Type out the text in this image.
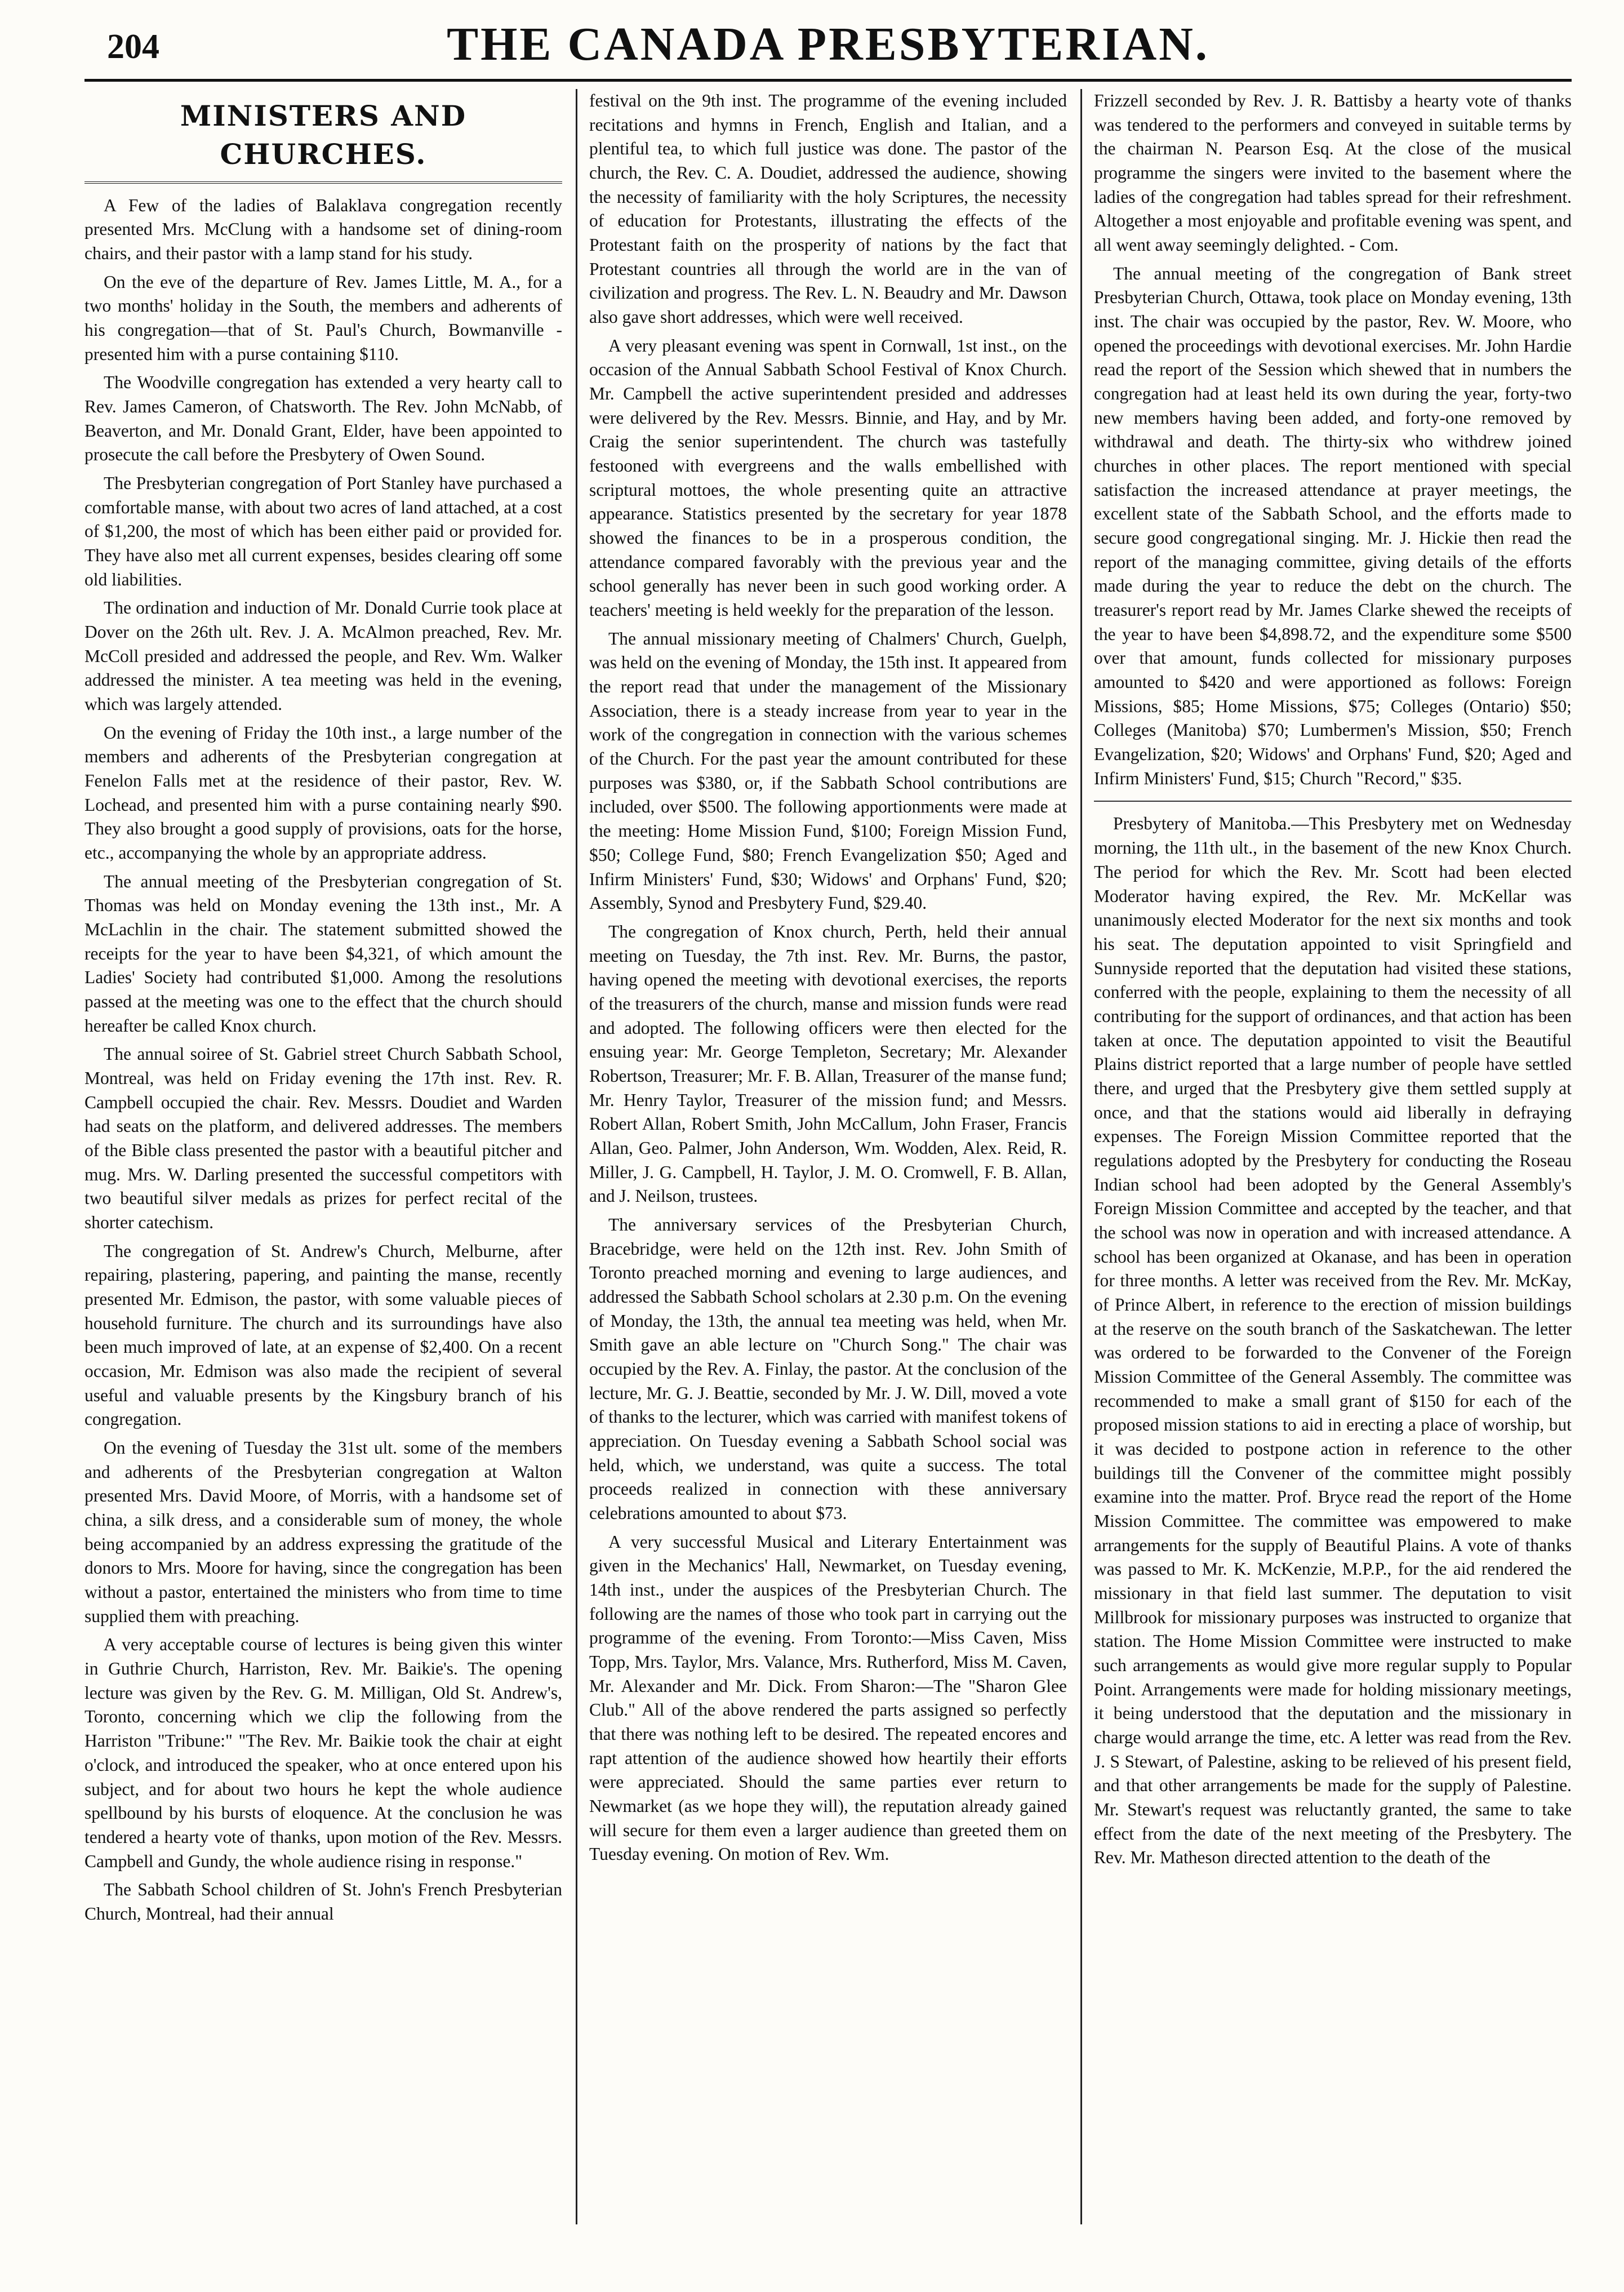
204	THE CANADA PRESBYTERIAN.
MINISTERS AND CHURCHES.

A Few of the ladies of Balaklava congregation recently presented Mrs. McClung with a handsome set of dining-room chairs, and their pastor with a lamp stand for his study.

On the eve of the departure of Rev. James Little, M. A., for a two months' holiday in the South, the members and adherents of his congregation—that of St. Paul's Church, Bowmanville - presented him with a purse containing $110.

The Woodville congregation has extended a very hearty call to Rev. James Cameron, of Chatsworth. The Rev. John McNabb, of Beaverton, and Mr. Donald Grant, Elder, have been appointed to prosecute the call before the Presbytery of Owen Sound.

The Presbyterian congregation of Port Stanley have purchased a comfortable manse, with about two acres of land attached, at a cost of $1,200, the most of which has been either paid or provided for. They have also met all current expenses, besides clearing off some old liabilities.

The ordination and induction of Mr. Donald Currie took place at Dover on the 26th ult. Rev. J. A. McAlmon preached, Rev. Mr. McColl presided and addressed the people, and Rev. Wm. Walker addressed the minister. A tea meeting was held in the evening, which was largely attended.

On the evening of Friday the 10th inst., a large number of the members and adherents of the Presbyterian congregation at Fenelon Falls met at the residence of their pastor, Rev. W. Lochead, and presented him with a purse containing nearly $90. They also brought a good supply of provisions, oats for the horse, etc., accompanying the whole by an appropriate address.

The annual meeting of the Presbyterian congregation of St. Thomas was held on Monday evening the 13th inst., Mr. A McLachlin in the chair. The statement submitted showed the receipts for the year to have been $4,321, of which amount the Ladies' Society had contributed $1,000. Among the resolutions passed at the meeting was one to the effect that the church should hereafter be called Knox church.

The annual soiree of St. Gabriel street Church Sabbath School, Montreal, was held on Friday evening the 17th inst. Rev. R. Campbell occupied the chair. Rev. Messrs. Doudiet and Warden had seats on the platform, and delivered addresses. The members of the Bible class presented the pastor with a beautiful pitcher and mug. Mrs. W. Darling presented the successful competitors with two beautiful silver medals as prizes for perfect recital of the shorter catechism.

The congregation of St. Andrew's Church, Melburne, after repairing, plastering, papering, and painting the manse, recently presented Mr. Edmison, the pastor, with some valuable pieces of household furniture. The church and its surroundings have also been much improved of late, at an expense of $2,400. On a recent occasion, Mr. Edmison was also made the recipient of several useful and valuable presents by the Kingsbury branch of his congregation.

On the evening of Tuesday the 31st ult. some of the members and adherents of the Presbyterian congregation at Walton presented Mrs. David Moore, of Morris, with a handsome set of china, a silk dress, and a considerable sum of money, the whole being accompanied by an address expressing the gratitude of the donors to Mrs. Moore for having, since the congregation has been without a pastor, entertained the ministers who from time to time supplied them with preaching.

A very acceptable course of lectures is being given this winter in Guthrie Church, Harriston, Rev. Mr. Baikie's. The opening lecture was given by the Rev. G. M. Milligan, Old St. Andrew's, Toronto, concerning which we clip the following from the Harriston "Tribune:" "The Rev. Mr. Baikie took the chair at eight o'clock, and introduced the speaker, who at once entered upon his subject, and for about two hours he kept the whole audience spellbound by his bursts of eloquence. At the conclusion he was tendered a hearty vote of thanks, upon motion of the Rev. Messrs. Campbell and Gundy, the whole audience rising in response."

The Sabbath School children of St. John's French Presbyterian Church, Montreal, had their annual

festival on the 9th inst. The programme of the evening included recitations and hymns in French, English and Italian, and a plentiful tea, to which full justice was done. The pastor of the church, the Rev. C. A. Doudiet, addressed the audience, showing the necessity of familiarity with the holy Scriptures, the necessity of education for Protestants, illustrating the effects of the Protestant faith on the prosperity of nations by the fact that Protestant countries all through the world are in the van of civilization and progress. The Rev. L. N. Beaudry and Mr. Dawson also gave short addresses, which were well received.

A very pleasant evening was spent in Cornwall, 1st inst., on the occasion of the Annual Sabbath School Festival of Knox Church. Mr. Campbell the active superintendent presided and addresses were delivered by the Rev. Messrs. Binnie, and Hay, and by Mr. Craig the senior superintendent. The church was tastefully festooned with evergreens and the walls embellished with scriptural mottoes, the whole presenting quite an attractive appearance. Statistics presented by the secretary for year 1878 showed the finances to be in a prosperous condition, the attendance compared favorably with the previous year and the school generally has never been in such good working order. A teachers' meeting is held weekly for the preparation of the lesson.

The annual missionary meeting of Chalmers' Church, Guelph, was held on the evening of Monday, the 15th inst. It appeared from the report read that under the management of the Missionary Association, there is a steady increase from year to year in the work of the congregation in connection with the various schemes of the Church. For the past year the amount contributed for these purposes was $380, or, if the Sabbath School contributions are included, over $500. The following apportionments were made at the meeting: Home Mission Fund, $100; Foreign Mission Fund, $50; College Fund, $80; French Evangelization $50; Aged and Infirm Ministers' Fund, $30; Widows' and Orphans' Fund, $20; Assembly, Synod and Presbytery Fund, $29.40.

The congregation of Knox church, Perth, held their annual meeting on Tuesday, the 7th inst. Rev. Mr. Burns, the pastor, having opened the meeting with devotional exercises, the reports of the treasurers of the church, manse and mission funds were read and adopted. The following officers were then elected for the ensuing year: Mr. George Templeton, Secretary; Mr. Alexander Robertson, Treasurer; Mr. F. B. Allan, Treasurer of the manse fund; Mr. Henry Taylor, Treasurer of the mission fund; and Messrs. Robert Allan, Robert Smith, John McCallum, John Fraser, Francis Allan, Geo. Palmer, John Anderson, Wm. Wodden, Alex. Reid, R. Miller, J. G. Campbell, H. Taylor, J. M. O. Cromwell, F. B. Allan, and J. Neilson, trustees.

The anniversary services of the Presbyterian Church, Bracebridge, were held on the 12th inst. Rev. John Smith of Toronto preached morning and evening to large audiences, and addressed the Sabbath School scholars at 2.30 p.m. On the evening of Monday, the 13th, the annual tea meeting was held, when Mr. Smith gave an able lecture on "Church Song." The chair was occupied by the Rev. A. Finlay, the pastor. At the conclusion of the lecture, Mr. G. J. Beattie, seconded by Mr. J. W. Dill, moved a vote of thanks to the lecturer, which was carried with manifest tokens of appreciation. On Tuesday evening a Sabbath School social was held, which, we understand, was quite a success. The total proceeds realized in connection with these anniversary celebrations amounted to about $73.

A very successful Musical and Literary Entertainment was given in the Mechanics' Hall, Newmarket, on Tuesday evening, 14th inst., under the auspices of the Presbyterian Church. The following are the names of those who took part in carrying out the programme of the evening. From Toronto:—Miss Caven, Miss Topp, Mrs. Taylor, Mrs. Valance, Mrs. Rutherford, Miss M. Caven, Mr. Alexander and Mr. Dick. From Sharon:—The "Sharon Glee Club." All of the above rendered the parts assigned so perfectly that there was nothing left to be desired. The repeated encores and rapt attention of the audience showed how heartily their efforts were appreciated. Should the same parties ever return to Newmarket (as we hope they will), the reputation already gained will secure for them even a larger audience than greeted them on Tuesday evening. On motion of Rev. Wm.

Frizzell seconded by Rev. J. R. Battisby a hearty vote of thanks was tendered to the performers and conveyed in suitable terms by the chairman N. Pearson Esq. At the close of the musical programme the singers were invited to the basement where the ladies of the congregation had tables spread for their refreshment. Altogether a most enjoyable and profitable evening was spent, and all went away seemingly delighted. - Com.

The annual meeting of the congregation of Bank street Presbyterian Church, Ottawa, took place on Monday evening, 13th inst. The chair was occupied by the pastor, Rev. W. Moore, who opened the proceedings with devotional exercises. Mr. John Hardie read the report of the Session which shewed that in numbers the congregation had at least held its own during the year, forty-two new members having been added, and forty-one removed by withdrawal and death. The thirty-six who withdrew joined churches in other places. The report mentioned with special satisfaction the increased attendance at prayer meetings, the excellent state of the Sabbath School, and the efforts made to secure good congregational singing. Mr. J. Hickie then read the report of the managing committee, giving details of the efforts made during the year to reduce the debt on the church. The treasurer's report read by Mr. James Clarke shewed the receipts of the year to have been $4,898.72, and the expenditure some $500 over that amount, funds collected for missionary purposes amounted to $420 and were apportioned as follows: Foreign Missions, $85; Home Missions, $75; Colleges (Ontario) $50; Colleges (Manitoba) $70; Lumbermen's Mission, $50; French Evangelization, $20; Widows' and Orphans' Fund, $20; Aged and Infirm Ministers' Fund, $15; Church "Record," $35.

Presbytery of Manitoba.—This Presbytery met on Wednesday morning, the 11th ult., in the basement of the new Knox Church. The period for which the Rev. Mr. Scott had been elected Moderator having expired, the Rev. Mr. McKellar was unanimously elected Moderator for the next six months and took his seat. The deputation appointed to visit Springfield and Sunnyside reported that the deputation had visited these stations, conferred with the people, explaining to them the necessity of all contributing for the support of ordinances, and that action has been taken at once. The deputation appointed to visit the Beautiful Plains district reported that a large number of people have settled there, and urged that the Presbytery give them settled supply at once, and that the stations would aid liberally in defraying expenses. The Foreign Mission Committee reported that the regulations adopted by the Presbytery for conducting the Roseau Indian school had been adopted by the General Assembly's Foreign Mission Committee and accepted by the teacher, and that the school was now in operation and with increased attendance. A school has been organized at Okanase, and has been in operation for three months. A letter was received from the Rev. Mr. McKay, of Prince Albert, in reference to the erection of mission buildings at the reserve on the south branch of the Saskatchewan. The letter was ordered to be forwarded to the Convener of the Foreign Mission Committee of the General Assembly. The committee was recommended to make a small grant of $150 for each of the proposed mission stations to aid in erecting a place of worship, but it was decided to postpone action in reference to the other buildings till the Convener of the committee might possibly examine into the matter. Prof. Bryce read the report of the Home Mission Committee. The committee was empowered to make arrangements for the supply of Beautiful Plains. A vote of thanks was passed to Mr. K. McKenzie, M.P.P., for the aid rendered the missionary in that field last summer. The deputation to visit Millbrook for missionary purposes was instructed to organize that station. The Home Mission Committee were instructed to make such arrangements as would give more regular supply to Popular Point. Arrangements were made for holding missionary meetings, it being understood that the deputation and the missionary in charge would arrange the time, etc. A letter was read from the Rev. J. S Stewart, of Palestine, asking to be relieved of his present field, and that other arrangements be made for the supply of Palestine. Mr. Stewart's request was reluctantly granted, the same to take effect from the date of the next meeting of the Presbytery. The Rev. Mr. Matheson directed attention to the death of the
